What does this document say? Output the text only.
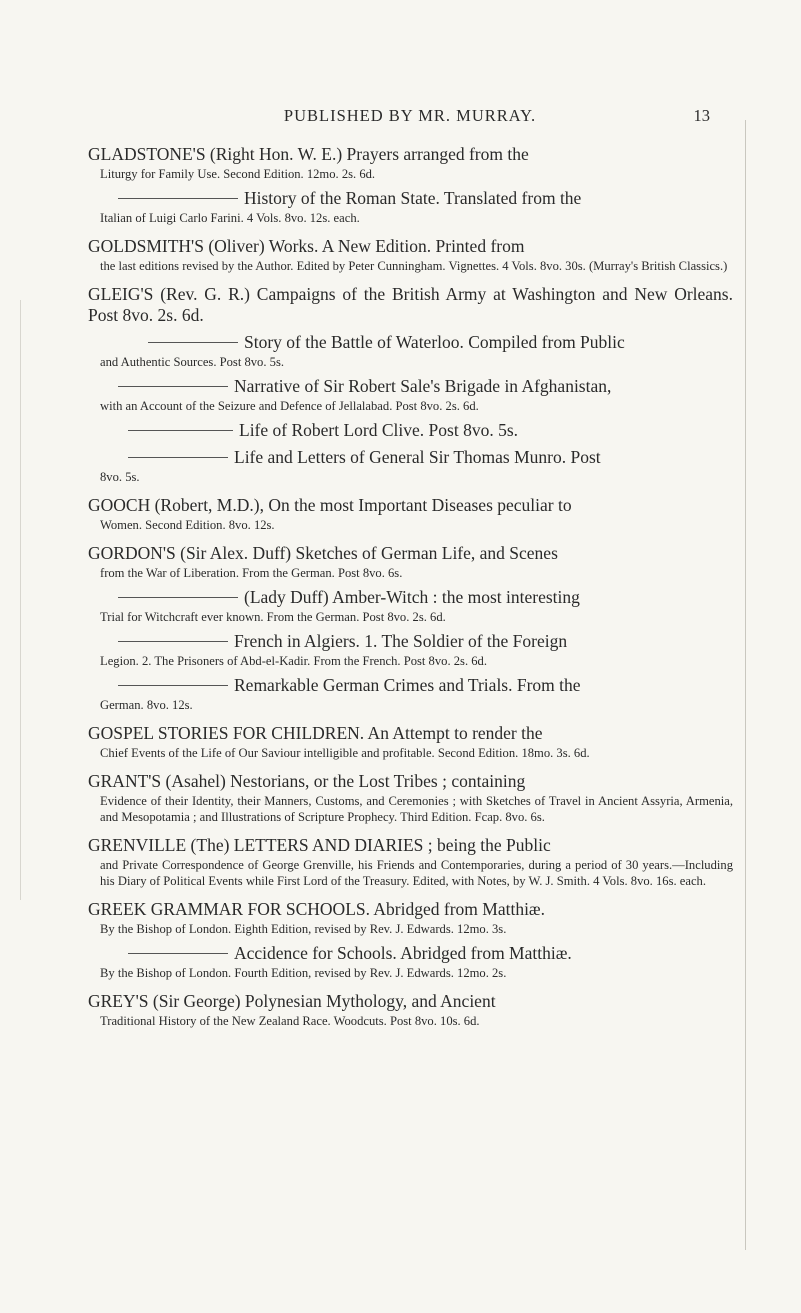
PUBLISHED BY MR. MURRAY.	13
GLADSTONE'S (Right Hon. W. E.) Prayers arranged from the
Liturgy for Family Use. Second Edition. 12mo. 2s. 6d.
History of the Roman State. Translated from the
Italian of Luigi Carlo Farini. 4 Vols. 8vo. 12s. each.
GOLDSMITH'S (Oliver) Works. A New Edition. Printed from
the last editions revised by the Author. Edited by Peter Cunningham. Vignettes. 4 Vols. 8vo. 30s. (Murray's British Classics.)
GLEIG'S (Rev. G. R.) Campaigns of the British Army at Washington and New Orleans. Post 8vo. 2s. 6d.
Story of the Battle of Waterloo. Compiled from Public
and Authentic Sources. Post 8vo. 5s.
Narrative of Sir Robert Sale's Brigade in Afghanistan,
with an Account of the Seizure and Defence of Jellalabad. Post 8vo. 2s. 6d.
Life of Robert Lord Clive. Post 8vo. 5s.
Life and Letters of General Sir Thomas Munro. Post
8vo. 5s.
GOOCH (Robert, M.D.), On the most Important Diseases peculiar to
Women. Second Edition. 8vo. 12s.
GORDON'S (Sir Alex. Duff) Sketches of German Life, and Scenes
from the War of Liberation. From the German. Post 8vo. 6s.
(Lady Duff) Amber-Witch : the most interesting
Trial for Witchcraft ever known. From the German. Post 8vo. 2s. 6d.
French in Algiers. 1. The Soldier of the Foreign
Legion. 2. The Prisoners of Abd-el-Kadir. From the French. Post 8vo. 2s. 6d.
Remarkable German Crimes and Trials. From the
German. 8vo. 12s.
GOSPEL STORIES FOR CHILDREN. An Attempt to render the
Chief Events of the Life of Our Saviour intelligible and profitable. Second Edition. 18mo. 3s. 6d.
GRANT'S (Asahel) Nestorians, or the Lost Tribes ; containing
Evidence of their Identity, their Manners, Customs, and Ceremonies ; with Sketches of Travel in Ancient Assyria, Armenia, and Mesopotamia ; and Illustrations of Scripture Prophecy. Third Edition. Fcap. 8vo. 6s.
GRENVILLE (The) LETTERS AND DIARIES ; being the Public
and Private Correspondence of George Grenville, his Friends and Contemporaries, during a period of 30 years.—Including his Diary of Political Events while First Lord of the Treasury. Edited, with Notes, by W. J. Smith. 4 Vols. 8vo. 16s. each.
GREEK GRAMMAR FOR SCHOOLS. Abridged from Matthiæ.
By the Bishop of London. Eighth Edition, revised by Rev. J. Edwards. 12mo. 3s.
Accidence for Schools. Abridged from Matthiæ.
By the Bishop of London. Fourth Edition, revised by Rev. J. Edwards. 12mo. 2s.
GREY'S (Sir George) Polynesian Mythology, and Ancient
Traditional History of the New Zealand Race. Woodcuts. Post 8vo. 10s. 6d.
